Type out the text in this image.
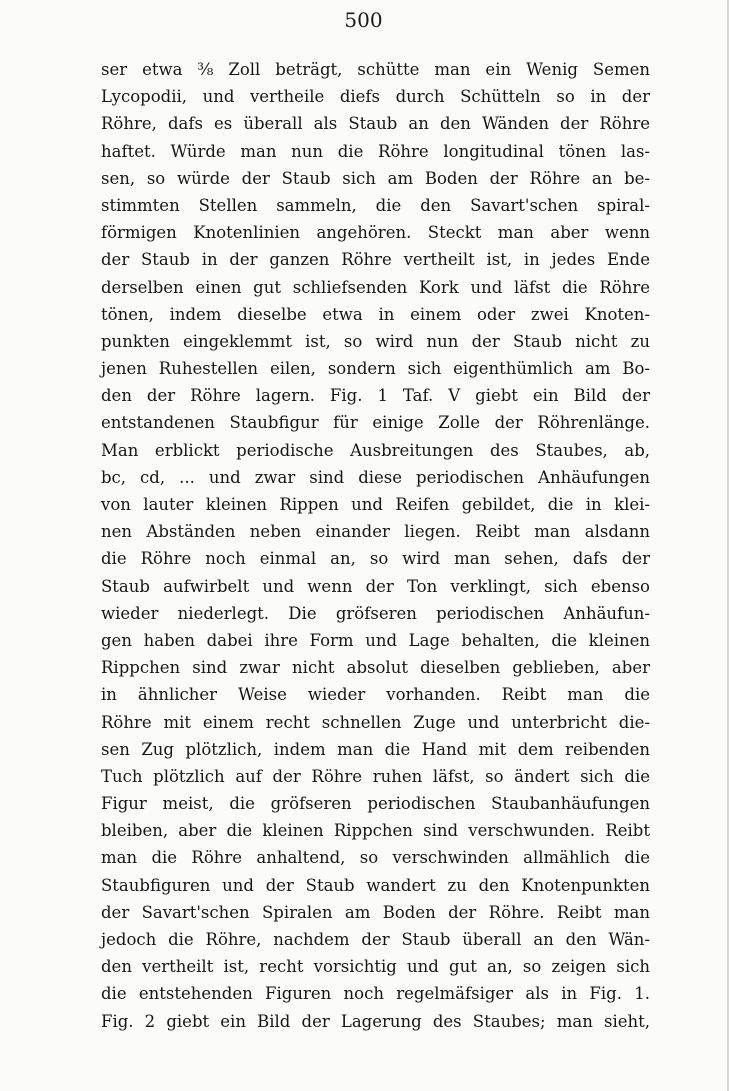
500
ser etwa ⅜ Zoll beträgt, schütte man ein Wenig Semen
Lycopodii, und vertheile diefs durch Schütteln so in der
Röhre, dafs es überall als Staub an den Wänden der Röhre
haftet. Würde man nun die Röhre longitudinal tönen las-
sen, so würde der Staub sich am Boden der Röhre an be-
stimmten Stellen sammeln, die den Savart'schen spiral-
förmigen Knotenlinien angehören. Steckt man aber wenn
der Staub in der ganzen Röhre vertheilt ist, in jedes Ende
derselben einen gut schliefsenden Kork und läfst die Röhre
tönen, indem dieselbe etwa in einem oder zwei Knoten-
punkten eingeklemmt ist, so wird nun der Staub nicht zu
jenen Ruhestellen eilen, sondern sich eigenthümlich am Bo-
den der Röhre lagern. Fig. 1 Taf. V giebt ein Bild der
entstandenen Staubfigur für einige Zolle der Röhrenlänge.
Man erblickt periodische Ausbreitungen des Staubes, ab,
bc, cd, ... und zwar sind diese periodischen Anhäufungen
von lauter kleinen Rippen und Reifen gebildet, die in klei-
nen Abständen neben einander liegen. Reibt man alsdann
die Röhre noch einmal an, so wird man sehen, dafs der
Staub aufwirbelt und wenn der Ton verklingt, sich ebenso
wieder niederlegt. Die gröfseren periodischen Anhäufun-
gen haben dabei ihre Form und Lage behalten, die kleinen
Rippchen sind zwar nicht absolut dieselben geblieben, aber
in ähnlicher Weise wieder vorhanden. Reibt man die
Röhre mit einem recht schnellen Zuge und unterbricht die-
sen Zug plötzlich, indem man die Hand mit dem reibenden
Tuch plötzlich auf der Röhre ruhen läfst, so ändert sich die
Figur meist, die gröfseren periodischen Staubanhäufungen
bleiben, aber die kleinen Rippchen sind verschwunden. Reibt
man die Röhre anhaltend, so verschwinden allmählich die
Staubfiguren und der Staub wandert zu den Knotenpunkten
der Savart'schen Spiralen am Boden der Röhre. Reibt man
jedoch die Röhre, nachdem der Staub überall an den Wän-
den vertheilt ist, recht vorsichtig und gut an, so zeigen sich
die entstehenden Figuren noch regelmäfsiger als in Fig. 1.
Fig. 2 giebt ein Bild der Lagerung des Staubes; man sieht,
